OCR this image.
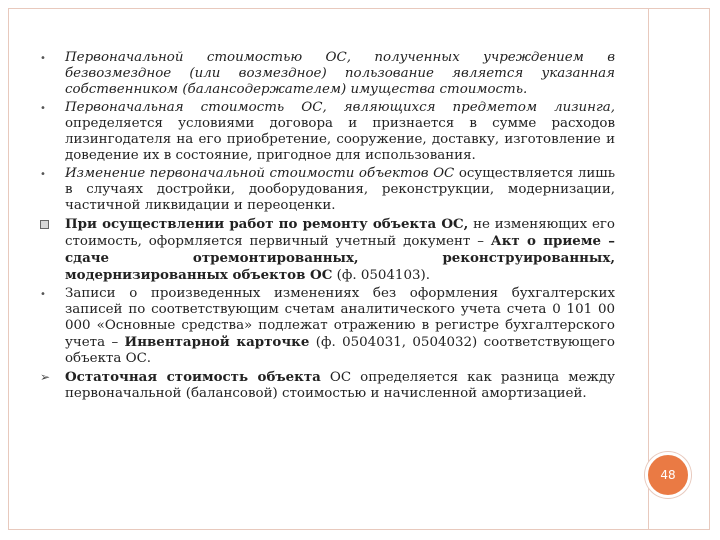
48
•
Первоначальной стоимостью ОС, полученных учреждением в безвозмездное (или возмездное) пользование является указанная собственником (балансодержателем) имущества стоимость.
•
Первоначальная стоимость ОС, являющихся предметом лизинга, определяется условиями договора и признается в сумме расходов лизингодателя на его приобретение, сооружение, доставку, изготовление и доведение их в состояние, пригодное для использования.
•
Изменение первоначальной стоимости объектов ОС осуществляется лишь в случаях достройки, дооборудования, реконструкции, модернизации, частичной ликвидации и переоценки.
При осуществлении работ по ремонту объекта ОС, не изменяющих его стоимость, оформляется первичный учетный документ – Акт о приеме – сдаче отремонтированных, реконструированных, модернизированных объектов ОС (ф. 0504103).
•
Записи о произведенных изменениях без оформления бухгалтерских записей по соответствующим счетам аналитического учета счета 0 101 00 000 «Основные средства» подлежат отражению в регистре бухгалтерского учета – Инвентарной карточке (ф. 0504031, 0504032) соответствующего объекта ОС.
➢
Остаточная стоимость объекта ОС определяется как разница между первоначальной (балансовой) стоимостью и начисленной амортизацией.
